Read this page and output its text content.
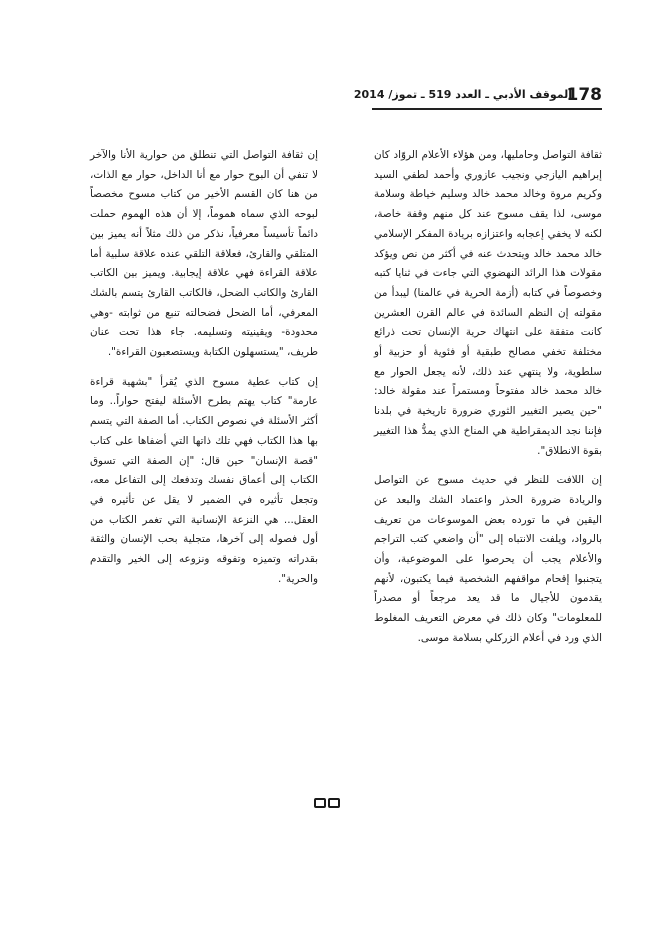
178
الموقف الأدبي ـ العدد 519 ـ تموز/ 2014

ثقافة التواصل وحامليها، ومن هؤلاء الأعلام الروّاد كان إبراهيم اليازجي ونجيب عازوري وأحمد لطفي السيد وكريم مروة وخالد محمد خالد وسليم خياطة وسلامة موسى، لذا يقف مسوح عند كل منهم وقفة خاصة، لكنه لا يخفي إعجابه واعتزازه بريادة المفكر الإسلامي خالد محمد خالد ويتحدث عنه في أكثر من نص ويؤكد مقولات هذا الرائد النهضوي التي جاءت في ثنايا كتبه وخصوصاً في كتابه (أزمة الحرية في عالمنا) ليبدأ من مقولته إن النظم السائدة في عالم القرن العشرين كانت متفقة على انتهاك حرية الإنسان تحت ذرائع مختلفة تخفي مصالح طبقية أو فئوية أو حزبية أو سلطوية، ولا ينتهي عند ذلك، لأنه يجعل الحوار مع خالد محمد خالد مفتوحاً ومستمراً عند مقولة خالد: "حين يصير التغيير الثوري ضرورة تاريخية في بلدنا فإننا نجد الديمقراطية هي المناخ الذي يمدُّ هذا التغيير بقوة الانطلاق".

إن اللافت للنظر في حديث مسوح عن التواصل والريادة ضرورة الحذر واعتماد الشك والبعد عن اليقين في ما تورده بعض الموسوعات من تعريف بالرواد، ويلفت الانتباه إلى "أن واضعي كتب التراجم والأعلام يجب أن يحرصوا على الموضوعية، وأن يتجنبوا إقحام مواقفهم الشخصية فيما يكتبون، لأنهم يقدمون للأجيال ما قد يعد مرجعاً أو مصدراً للمعلومات" وكان ذلك في معرض التعريف المغلوط الذي ورد في أعلام الزركلي بسلامة موسى.

إن ثقافة التواصل التي تنطلق من حوارية الأنا والآخر لا تنفي أن البوح حوار مع أنا الداخل، حوار مع الذات، من هنا كان القسم الأخير من كتاب مسوح مخصصاً لبوحه الذي سماه هموماً، إلا أن هذه الهموم حملت دائماً تأسيساً معرفياً، نذكر من ذلك مثلاً أنه يميز بين المتلقي والقارئ، فعلاقة التلقي عنده علاقة سلبية أما علاقة القراءة فهي علاقة إيجابية. ويميز بين الكاتب القارئ والكاتب الضحل، فالكاتب القارئ يتسم بالشك المعرفي، أما الضحل فضحالته تنبع من ثوابته -وهي محدودة- ويقينيته وتسليمه. جاء هذا تحت عنان طريف، "يستسهلون الكتابة ويستصعبون القراءة".

إن كتاب عطية مسوح الذي يُقرأ "بشهية قراءة عارمة" كتاب يهتم بطرح الأسئلة ليفتح حواراً.. وما أكثر الأسئلة في نصوص الكتاب. أما الصفة التي يتسم بها هذا الكتاب فهي تلك ذاتها التي أضفاها على كتاب "قصة الإنسان" حين قال: "إن الصفة التي تسوق الكتاب إلى أعماق نفسك وتدفعك إلى التفاعل معه، وتجعل تأثيره في الضمير لا يقل عن تأثيره في العقل... هي النزعة الإنسانية التي تغمر الكتاب من أول فصوله إلى آخرها، متجلية بحب الإنسان والثقة بقدراته وتميزه وتفوقه ونزوعه إلى الخير والتقدم والحرية".
